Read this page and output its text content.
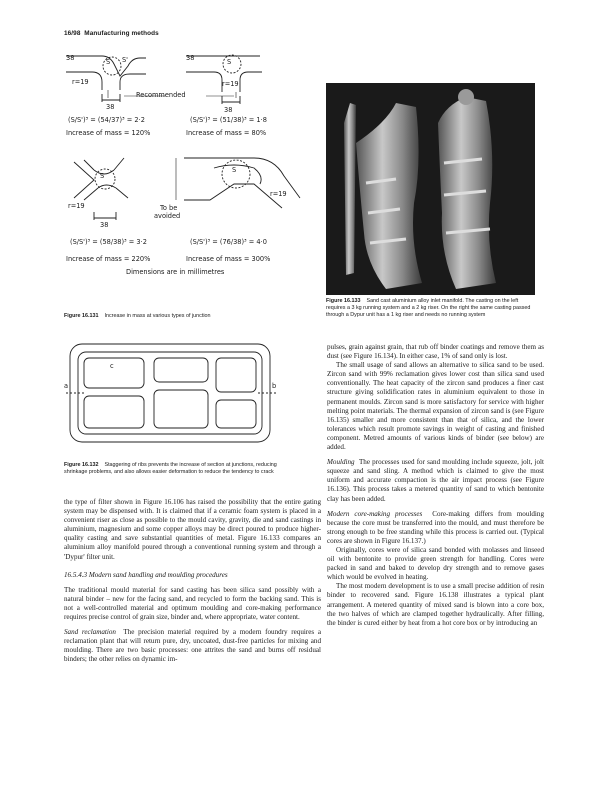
16/98 Manufacturing methods
38	S S'
r=19
38
(S/S')³ = (54/37)³ = 2·2
Increase of mass = 120%
38	S
r=19
38
(S/S')³ = (51/38)³ = 1·8
Increase of mass = 80%
Recommended
r=19
S
38
(S/S')³ = (58/38)³ = 3·2
Increase of mass = 220%
r=19
S
(S/S')³ = (76/38)³ = 4·0
Increase of mass = 300%
To be
avoided
Dimensions are in millimetres
Figure 16.131 Increase in mass at various types of junction
Figure 16.133 Sand cast aluminium alloy inlet manifold. The casting on the left requires a 3 kg running system and a 2 kg riser. On the right the same casting passed through a Dypur unit has a 1 kg riser and needs no running system
a	b
c
Figure 16.132 Staggering of ribs prevents the increase of section at junctions, reducing shrinkage problems, and also allows easier deformation to reduce the tendency to crack

the type of filter shown in Figure 16.106 has raised the possibility that the entire gating system may be dispensed with. It is claimed that if a ceramic foam system is placed in a convenient riser as close as possible to the mould cavity, gravity, die and sand castings in aluminium, magnesium and some copper alloys may be direct poured to produce higher-quality casting and save substantial quantities of metal. Figure 16.133 compares an aluminium alloy manifold poured through a conventional running system and through a 'Dypur' filter unit.

16.5.4.3 Modern sand handling and moulding procedures

The traditional mould material for sand casting has been silica sand possibly with a natural binder – new for the facing sand, and recycled to form the backing sand. This is not a well-controlled material and optimum moulding and core-making performance requires precise control of grain size, binder and, where appropriate, water content.

Sand reclamation The precision material required by a modern foundry requires a reclamation plant that will return pure, dry, uncoated, dust-free particles for mixing and moulding. There are two basic processes: one attrites the sand and burns off residual binders; the other relies on dynamic im-

pulses, grain against grain, that rub off binder coatings and remove them as dust (see Figure 16.134). In either case, 1% of sand only is lost.

The small usage of sand allows an alternative to silica sand to be used. Zircon sand with 99% reclamation gives lower cost than silica sand used conventionally. The heat capacity of the zircon sand produces a finer cast structure giving solidification rates in aluminium equivalent to those in permanent moulds. Zircon sand is more satisfactory for service with higher melting point materials. The thermal expansion of zircon sand is (see Figure 16.135) smaller and more consistent than that of silica, and the lower tolerances which result promote savings in weight of casting and finished component. Metred amounts of various kinds of binder (see below) are added.

Moulding The processes used for sand moulding include squeeze, jolt, jolt squeeze and sand sling. A method which is claimed to give the most uniform and accurate compaction is the air impact process (see Figure 16.136). This process takes a metered quantity of sand to which bentonite clay has been added.

Modern core-making processes Core-making differs from moulding because the core must be transferred into the mould, and must therefore be strong enough to be free standing while this process is carried out. (Typical cores are shown in Figure 16.137.)

Originally, cores were of silica sand bonded with molasses and linseed oil with bentonite to provide green strength for handling. Cores were packed in sand and baked to develop dry strength and to remove gases which would be evolved in heating.

The most modern development is to use a small precise addition of resin binder to recovered sand. Figure 16.138 illustrates a typical plant arrangement. A metered quantity of mixed sand is blown into a core box, the two halves of which are clamped together hydraulically. After filling, the binder is cured either by heat from a hot core box or by introducing an
